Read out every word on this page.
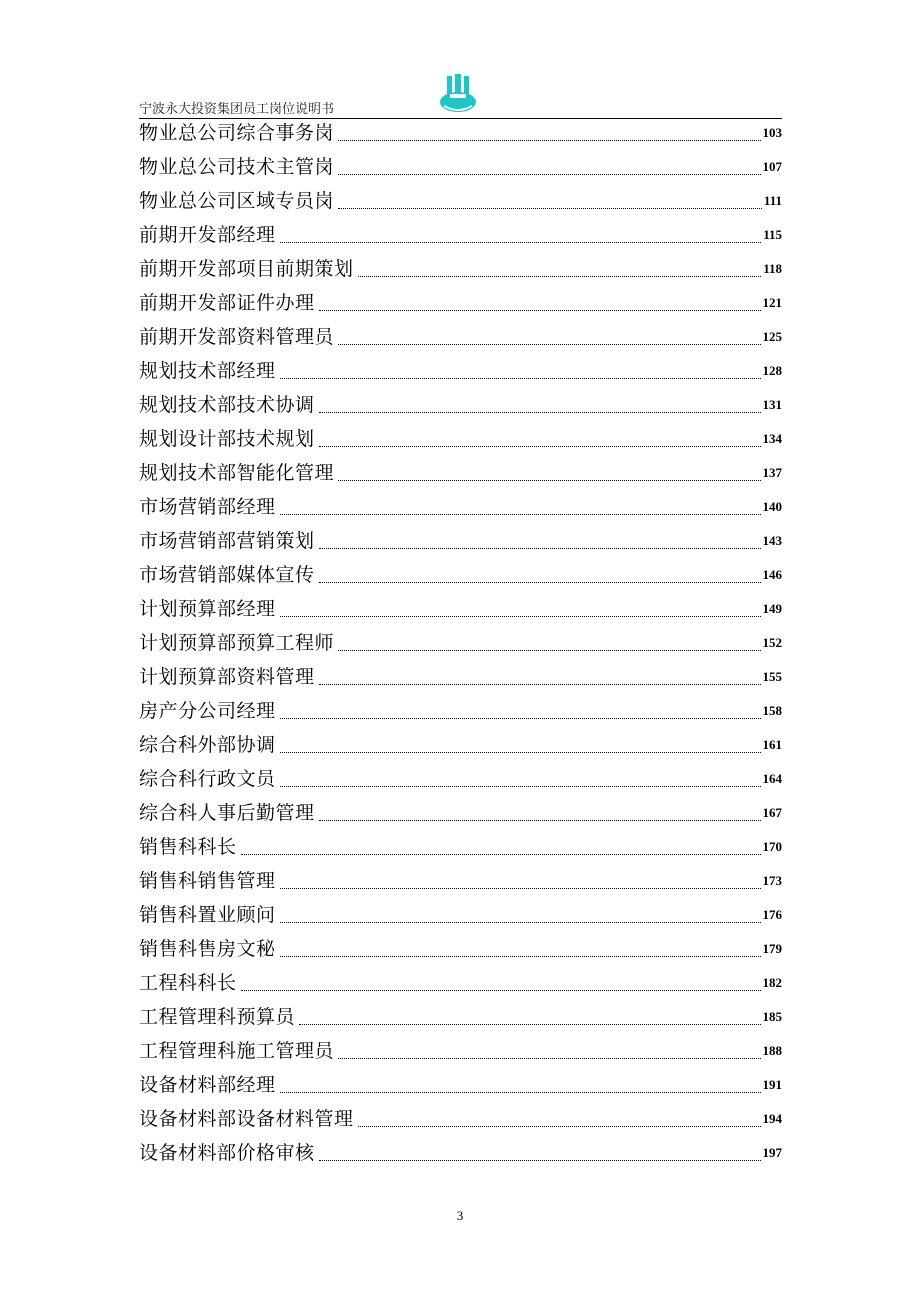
宁波永大投资集团员工岗位说明书
物业总公司综合事务岗	103
物业总公司技术主管岗	107
物业总公司区域专员岗	111
前期开发部经理	115
前期开发部项目前期策划	118
前期开发部证件办理	121
前期开发部资料管理员	125
规划技术部经理	128
规划技术部技术协调	131
规划设计部技术规划	134
规划技术部智能化管理	137
市场营销部经理	140
市场营销部营销策划	143
市场营销部媒体宣传	146
计划预算部经理	149
计划预算部预算工程师	152
计划预算部资料管理	155
房产分公司经理	158
综合科外部协调	161
综合科行政文员	164
综合科人事后勤管理	167
销售科科长	170
销售科销售管理	173
销售科置业顾问	176
销售科售房文秘	179
工程科科长	182
工程管理科预算员	185
工程管理科施工管理员	188
设备材料部经理	191
设备材料部设备材料管理	194
设备材料部价格审核	197
3
